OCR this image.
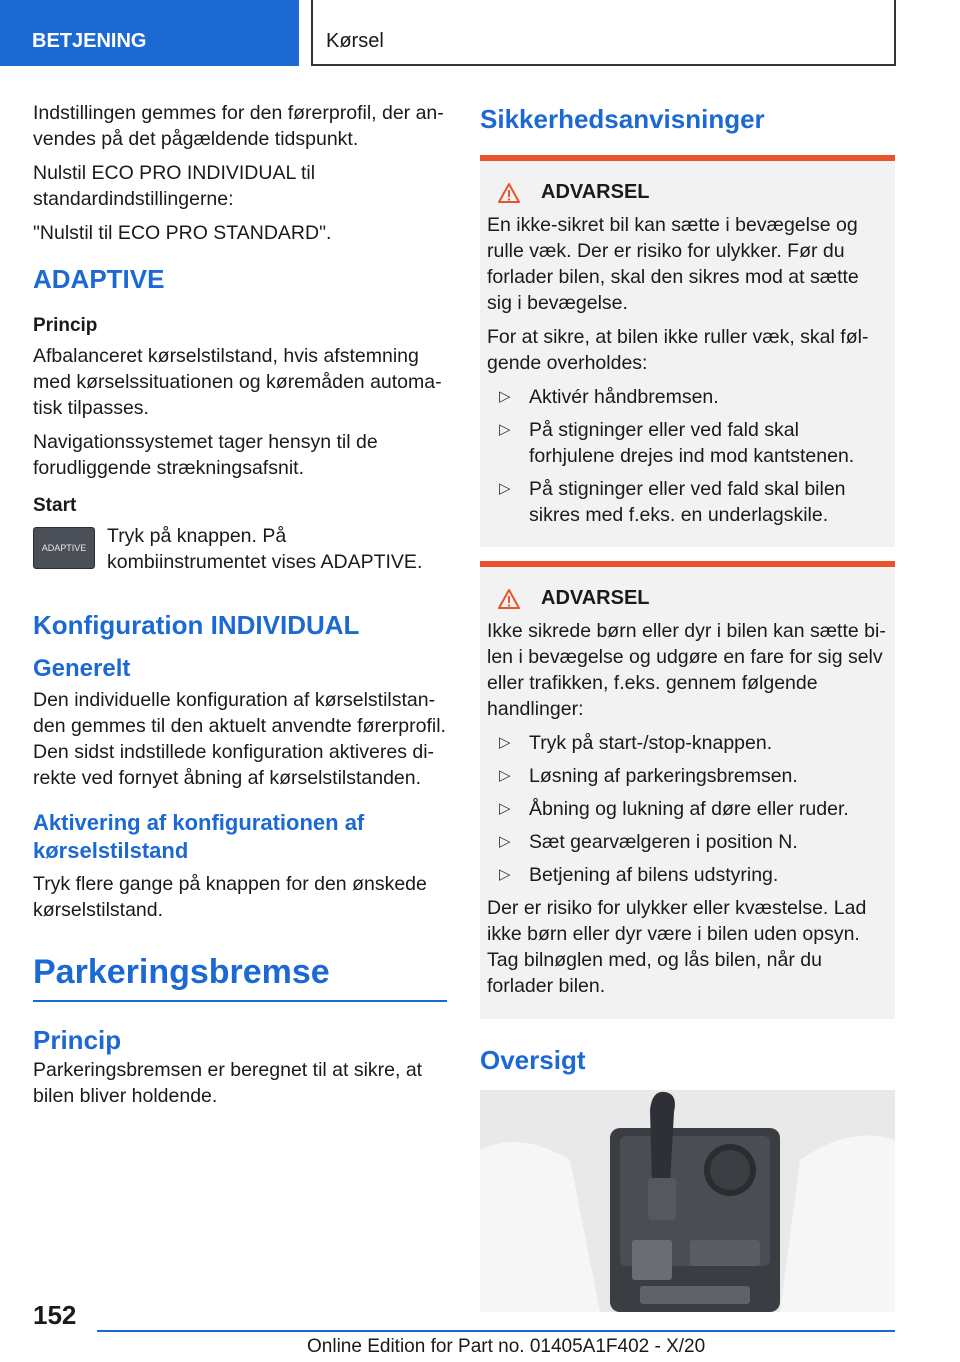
BETJENING	Kørsel

Indstillingen gemmes for den førerprofil, der anvendes på det pågældende tidspunkt.

Nulstil ECO PRO INDIVIDUAL til standardindstillingerne:

"Nulstil til ECO PRO STANDARD".

ADAPTIVE
Princip

Afbalanceret kørselstilstand, hvis afstemning med kørselssituationen og køremåden automatisk tilpasses.

Navigationssystemet tager hensyn til de forudliggende strækningsafsnit.

Start
ADAPTIVE

Tryk på knappen. På kombiinstrumentet vises ADAPTIVE.

Konfiguration INDIVIDUAL
Generelt

Den individuelle konfiguration af kørselstilstanden gemmes til den aktuelt anvendte førerprofil. Den sidst indstillede konfiguration aktiveres direkte ved fornyet åbning af kørselstilstanden.

Aktivering af konfigurationen af kørselstilstand

Tryk flere gange på knappen for den ønskede kørselstilstand.

Parkeringsbremse
Princip

Parkeringsbremsen er beregnet til at sikre, at bilen bliver holdende.

Sikkerhedsanvisninger
ADVARSEL

En ikke-sikret bil kan sætte i bevægelse og rulle væk. Der er risiko for ulykker. Før du forlader bilen, skal den sikres mod at sætte sig i bevægelse.

For at sikre, at bilen ikke ruller væk, skal følgende overholdes:

▷ Aktivér håndbremsen.
▷ På stigninger eller ved fald skal forhjulene drejes ind mod kantstenen.
▷ På stigninger eller ved fald skal bilen sikres med f.eks. en underlagskile.
ADVARSEL

Ikke sikrede børn eller dyr i bilen kan sætte bilen i bevægelse og udgøre en fare for sig selv eller trafikken, f.eks. gennem følgende handlinger:

▷ Tryk på start-/stop-knappen.
▷ Løsning af parkeringsbremsen.
▷ Åbning og lukning af døre eller ruder.
▷ Sæt gearvælgeren i position N.
▷ Betjening af bilens udstyring.

Der er risiko for ulykker eller kvæstelse. Lad ikke børn eller dyr være i bilen uden opsyn. Tag bilnøglen med, og lås bilen, når du forlader bilen.

Oversigt
152
Online Edition for Part no. 01405A1F402 - X/20
